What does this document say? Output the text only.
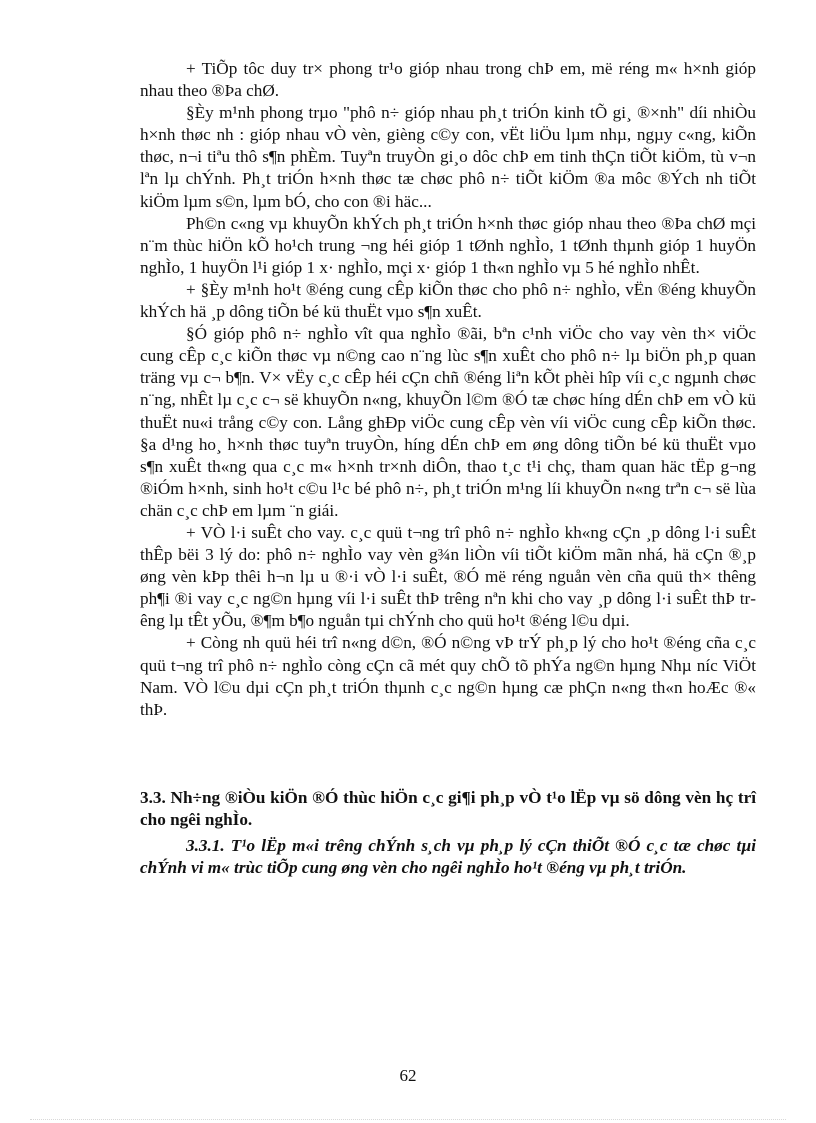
+ TiÕp tôc duy tr× phong tr¹o gióp nhau trong chÞ em, më réng m« h×nh gióp nhau theo ®Þa chØ.

§Èy m¹nh phong trµo "phô n÷ gióp nhau ph¸t triÓn kinh tÕ gi¸ ®×nh" díi nhiÒu h×nh thøc nh : gióp nhau vÒ vèn, gièng c©y con, vËt liÖu lµm nhµ, ngµy c«ng, kiÕn thøc, n¬i tiªu thô s¶n phÈm. Tuyªn truyÒn gi¸o dôc chÞ em tinh thÇn tiÕt kiÖm, tù v¬n lªn lµ chÝnh. Ph¸t triÓn h×nh thøc tæ chøc phô n÷ tiÕt kiÖm ®a môc ®Ých nh tiÕt kiÖm lµm s©n, lµm bÓ, cho con ®i häc...

Ph©n c«ng vµ khuyÕn khÝch ph¸t triÓn h×nh thøc gióp nhau theo ®Þa chØ mçi n¨m thùc hiÖn kÕ ho¹ch trung ¬ng héi gióp 1 tØnh nghÌo, 1 tØnh thµnh gióp 1 huyÖn nghÌo, 1 huyÖn l¹i gióp 1 x· nghÌo, mçi x· gióp 1 th«n nghÌo vµ 5 hé nghÌo nhÊt.

+ §Èy m¹nh ho¹t ®éng cung cÊp kiÕn thøc cho phô n÷ nghÌo, vËn ®éng khuyÕn khÝch hä ¸p dông tiÕn bé kü thuËt vµo s¶n xuÊt.

§Ó gióp phô n÷ nghÌo vît qua nghÌo ®ãi, bªn c¹nh viÖc cho vay vèn th× viÖc cung cÊp c¸c kiÕn thøc vµ n©ng cao n¨ng lùc s¶n xuÊt cho phô n÷ lµ biÖn ph¸p quan träng vµ c¬ b¶n. V× vËy c¸c cÊp héi cÇn chñ ®éng liªn kÕt phèi hîp víi c¸c ngµnh chøc n¨ng, nhÊt lµ c¸c c¬ së khuyÕn n«ng, khuyÕn l©m ®Ó tæ chøc híng dÉn chÞ em vÒ kü thuËt nu«i trång c©y con. Lång ghÐp viÖc cung cÊp vèn víi viÖc cung cÊp kiÕn thøc. §a d¹ng ho¸ h×nh thøc tuyªn truyÒn, híng dÉn chÞ em øng dông tiÕn bé kü thuËt vµo s¶n xuÊt th«ng qua c¸c m« h×nh tr×nh diÔn, thao t¸c t¹i chç, tham quan häc tËp g¬ng ®iÓm h×nh, sinh ho¹t c©u l¹c bé phô n÷, ph¸t triÓn m¹ng líi khuyÕn n«ng trªn c¬ së lùa chän c¸c chÞ em lµm ¨n giái.

+ VÒ l·i suÊt cho vay. c¸c quü t¬ng trî phô n÷ nghÌo kh«ng cÇn ¸p dông l·i suÊt thÊp bëi 3 lý do: phô n÷ nghÌo vay vèn g¾n liÒn víi tiÕt kiÖm mãn nhá, hä cÇn ®¸p øng vèn kÞp thêi h¬n lµ u ®·i vÒ l·i suÊt, ®Ó më réng nguån vèn cña quü th× thêng ph¶i ®i vay c¸c ng©n hµng víi l·i suÊt thÞ trêng nªn khi cho vay ¸p dông l·i suÊt thÞ trêng lµ tÊt yÕu, ®¶m b¶o nguån tµi chÝnh cho quü ho¹t ®éng l©u dµi.

+ Còng nh quü héi trî n«ng d©n, ®Ó n©ng vÞ trÝ ph¸p lý cho ho¹t ®éng cña c¸c quü t¬ng trî phô n÷ nghÌo còng cÇn cã mét quy chÕ tõ phÝa ng©n hµng Nhµ níc ViÖt Nam. VÒ l©u dµi cÇn ph¸t triÓn thµnh c¸c ng©n hµng cæ phÇn n«ng th«n hoÆc ®« thÞ.

3.3. Nh÷ng ®iÒu kiÖn ®Ó thùc hiÖn c¸c gi¶i ph¸p vÒ t¹o lËp vµ sö dông vèn hç trî cho ngêi nghÌo.

3.3.1. T¹o lËp m«i trêng chÝnh s¸ch vµ ph¸p lý cÇn thiÕt ®Ó c¸c tæ chøc tµi chÝnh vi m« trùc tiÕp cung øng vèn cho ngêi nghÌo ho¹t ®éng vµ ph¸t triÓn.

62
